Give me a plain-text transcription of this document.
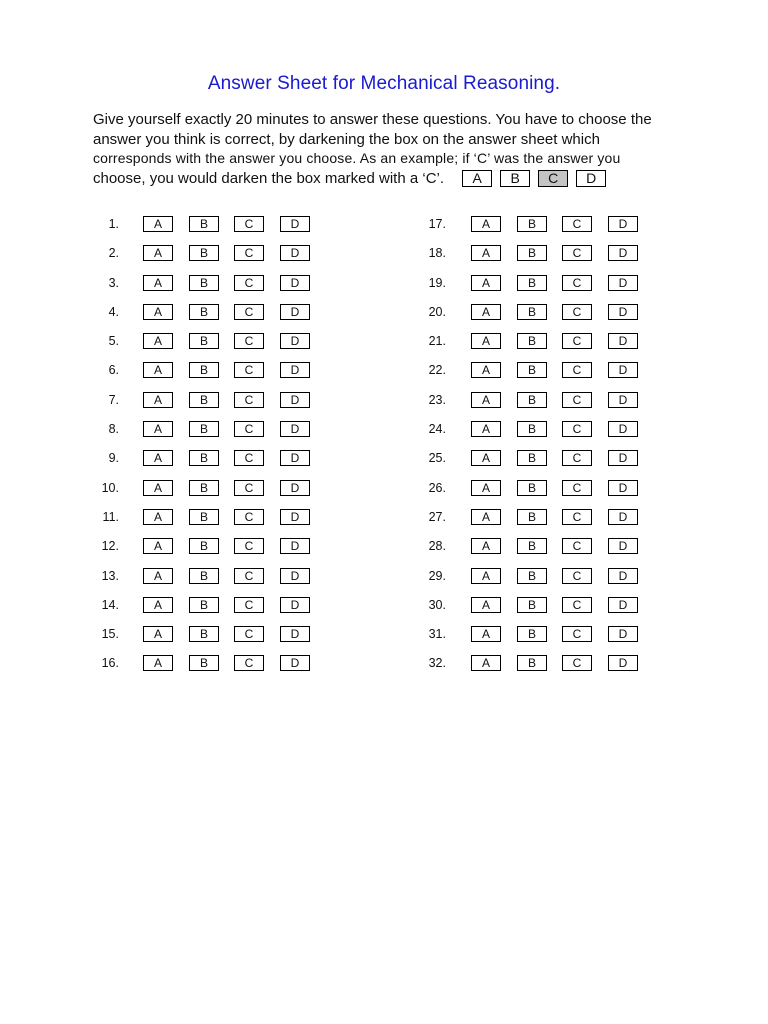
Answer Sheet for Mechanical Reasoning.
Give yourself exactly 20 minutes to answer these questions. You have to choose the
answer you think is correct, by darkening the box on the answer sheet which
corresponds with the answer you choose. As an example; if ‘C’ was the answer you
choose, you would darken the box marked with a ‘C’.	A	B	C	D
1.	A	B	C	D
2.	A	B	C	D
3.	A	B	C	D
4.	A	B	C	D
5.	A	B	C	D
6.	A	B	C	D
7.	A	B	C	D
8.	A	B	C	D
9.	A	B	C	D
10.	A	B	C	D
11.	A	B	C	D
12.	A	B	C	D
13.	A	B	C	D
14.	A	B	C	D
15.	A	B	C	D
16.	A	B	C	D
17.	A	B	C	D
18.	A	B	C	D
19.	A	B	C	D
20.	A	B	C	D
21.	A	B	C	D
22.	A	B	C	D
23.	A	B	C	D
24.	A	B	C	D
25.	A	B	C	D
26.	A	B	C	D
27.	A	B	C	D
28.	A	B	C	D
29.	A	B	C	D
30.	A	B	C	D
31.	A	B	C	D
32.	A	B	C	D
